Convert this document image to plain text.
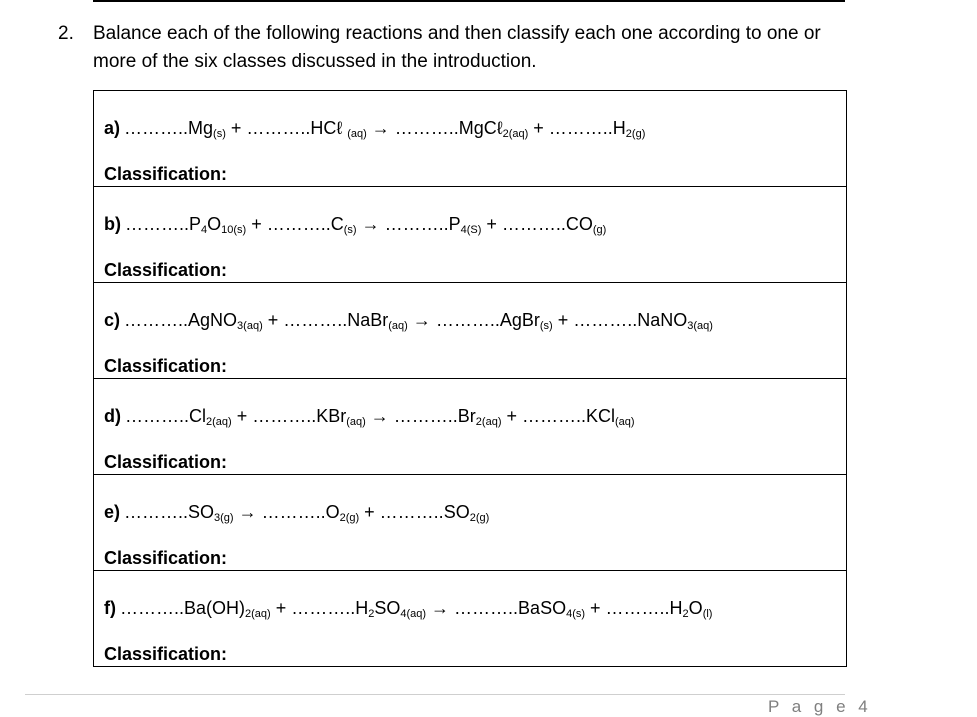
2. Balance each of the following reactions and then classify each one according to one or more of the six classes discussed in the introduction.
a) $\dots\dots\dots..Mg_{(s)}$ + ………..HCℓ $_{(aq)}$ → ………..MgCℓ$_{2(aq)}$ + $\dots\dots\dots..H_{2(g)}$
Classification:

b) $\dots\dots\dots..P_4O_{10(s)}$ + $\dots\dots\dots..C_{(s)}$ → $\dots\dots\dots..P_{4(S)}$ + $\dots\dots\dots..CO_{(g)}$
Classification:

c) ………..AgNO$_{3(aq)}$ + ………..NaBr$_{(aq)}$ → ………..AgBr$_{(s)}$ + ………..NaNO$_{3(aq)}$
Classification:

d) $\dots\dots\dots..Cl_{2(aq)}$ + ………..KBr$_{(aq)}$ → $\dots\dots\dots..Br_{2(aq)}$ + ………..KCl$_{(aq)}$
Classification:

e) $\dots\dots\dots..SO_{3(g)}$ → $\dots\dots\dots..O_{2(g)}$ + $\dots\dots\dots..SO_{2(g)}$
Classification:

f) $\dots\dots\dots..Ba(OH)_{2(aq)}$ + $\dots\dots\dots..H_2SO_{4(aq)}$ → ………..BaSO$_{4(s)}$ + $\dots\dots\dots..H_2O_{(l)}$
Classification:
P a g e 4
